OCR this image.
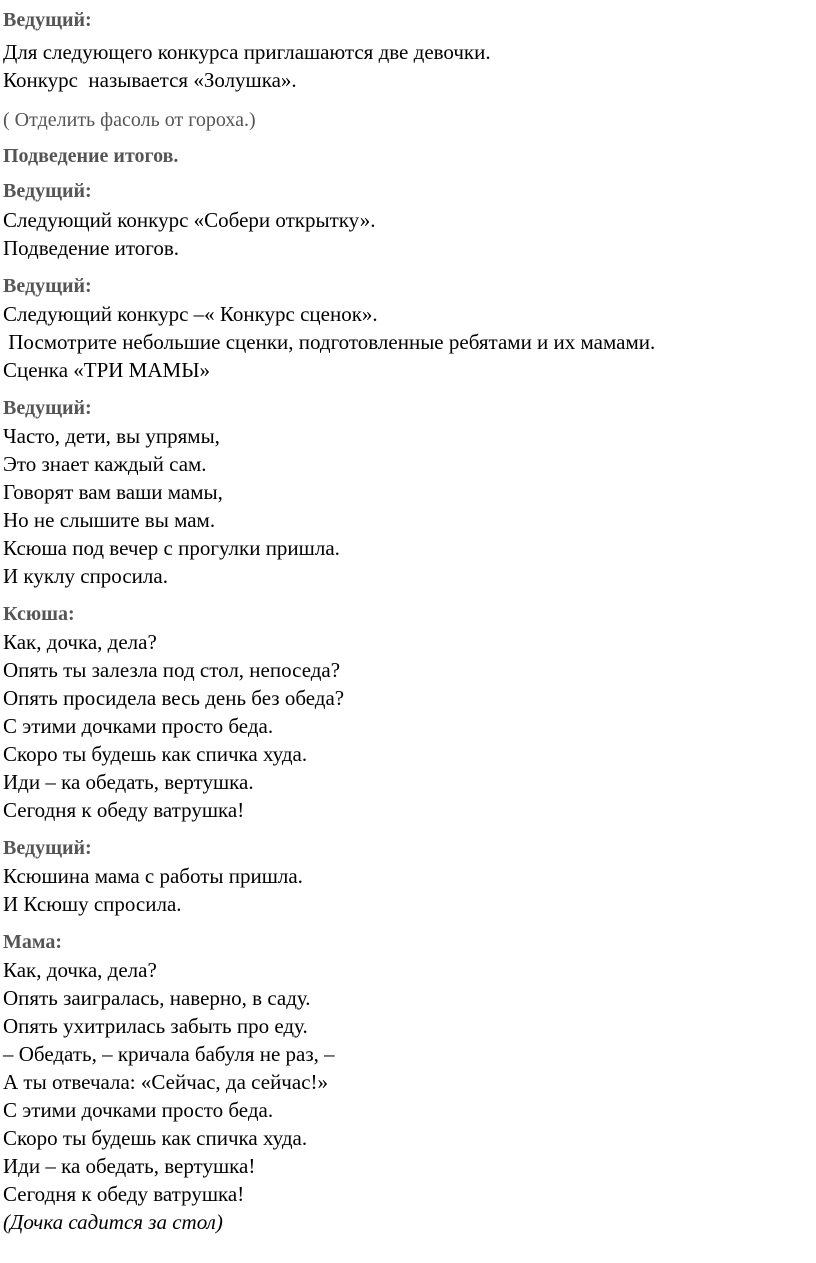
Ведущий:
Для следующего конкурса приглашаются две девочки.
Конкурс  называется «Золушка».
( Отделить фасоль от гороха.)
Подведение итогов.
Ведущий:
Следующий конкурс «Собери открытку».
Подведение итогов.
Ведущий:
Следующий конкурс –« Конкурс сценок».
Посмотрите небольшие сценки, подготовленные ребятами и их мамами.
Сценка «ТРИ МАМЫ»
Ведущий:
Часто, дети, вы упрямы,
Это знает каждый сам.
Говорят вам ваши мамы,
Но не слышите вы мам.
Ксюша под вечер с прогулки пришла.
И куклу спросила.
Ксюша:
Как, дочка, дела?
Опять ты залезла под стол, непоседа?
Опять просидела весь день без обеда?
С этими дочками просто беда.
Скоро ты будешь как спичка худа.
Иди – ка обедать, вертушка.
Сегодня к обеду ватрушка!
Ведущий:
Ксюшина мама с работы пришла.
И Ксюшу спросила.
Мама:
Как, дочка, дела?
Опять заигралась, наверно, в саду.
Опять ухитрилась забыть про еду.
– Обедать, – кричала бабуля не раз, –
А ты отвечала: «Сейчас, да сейчас!»
С этими дочками просто беда.
Скоро ты будешь как спичка худа.
Иди – ка обедать, вертушка!
Сегодня к обеду ватрушка!
(Дочка садится за стол)
